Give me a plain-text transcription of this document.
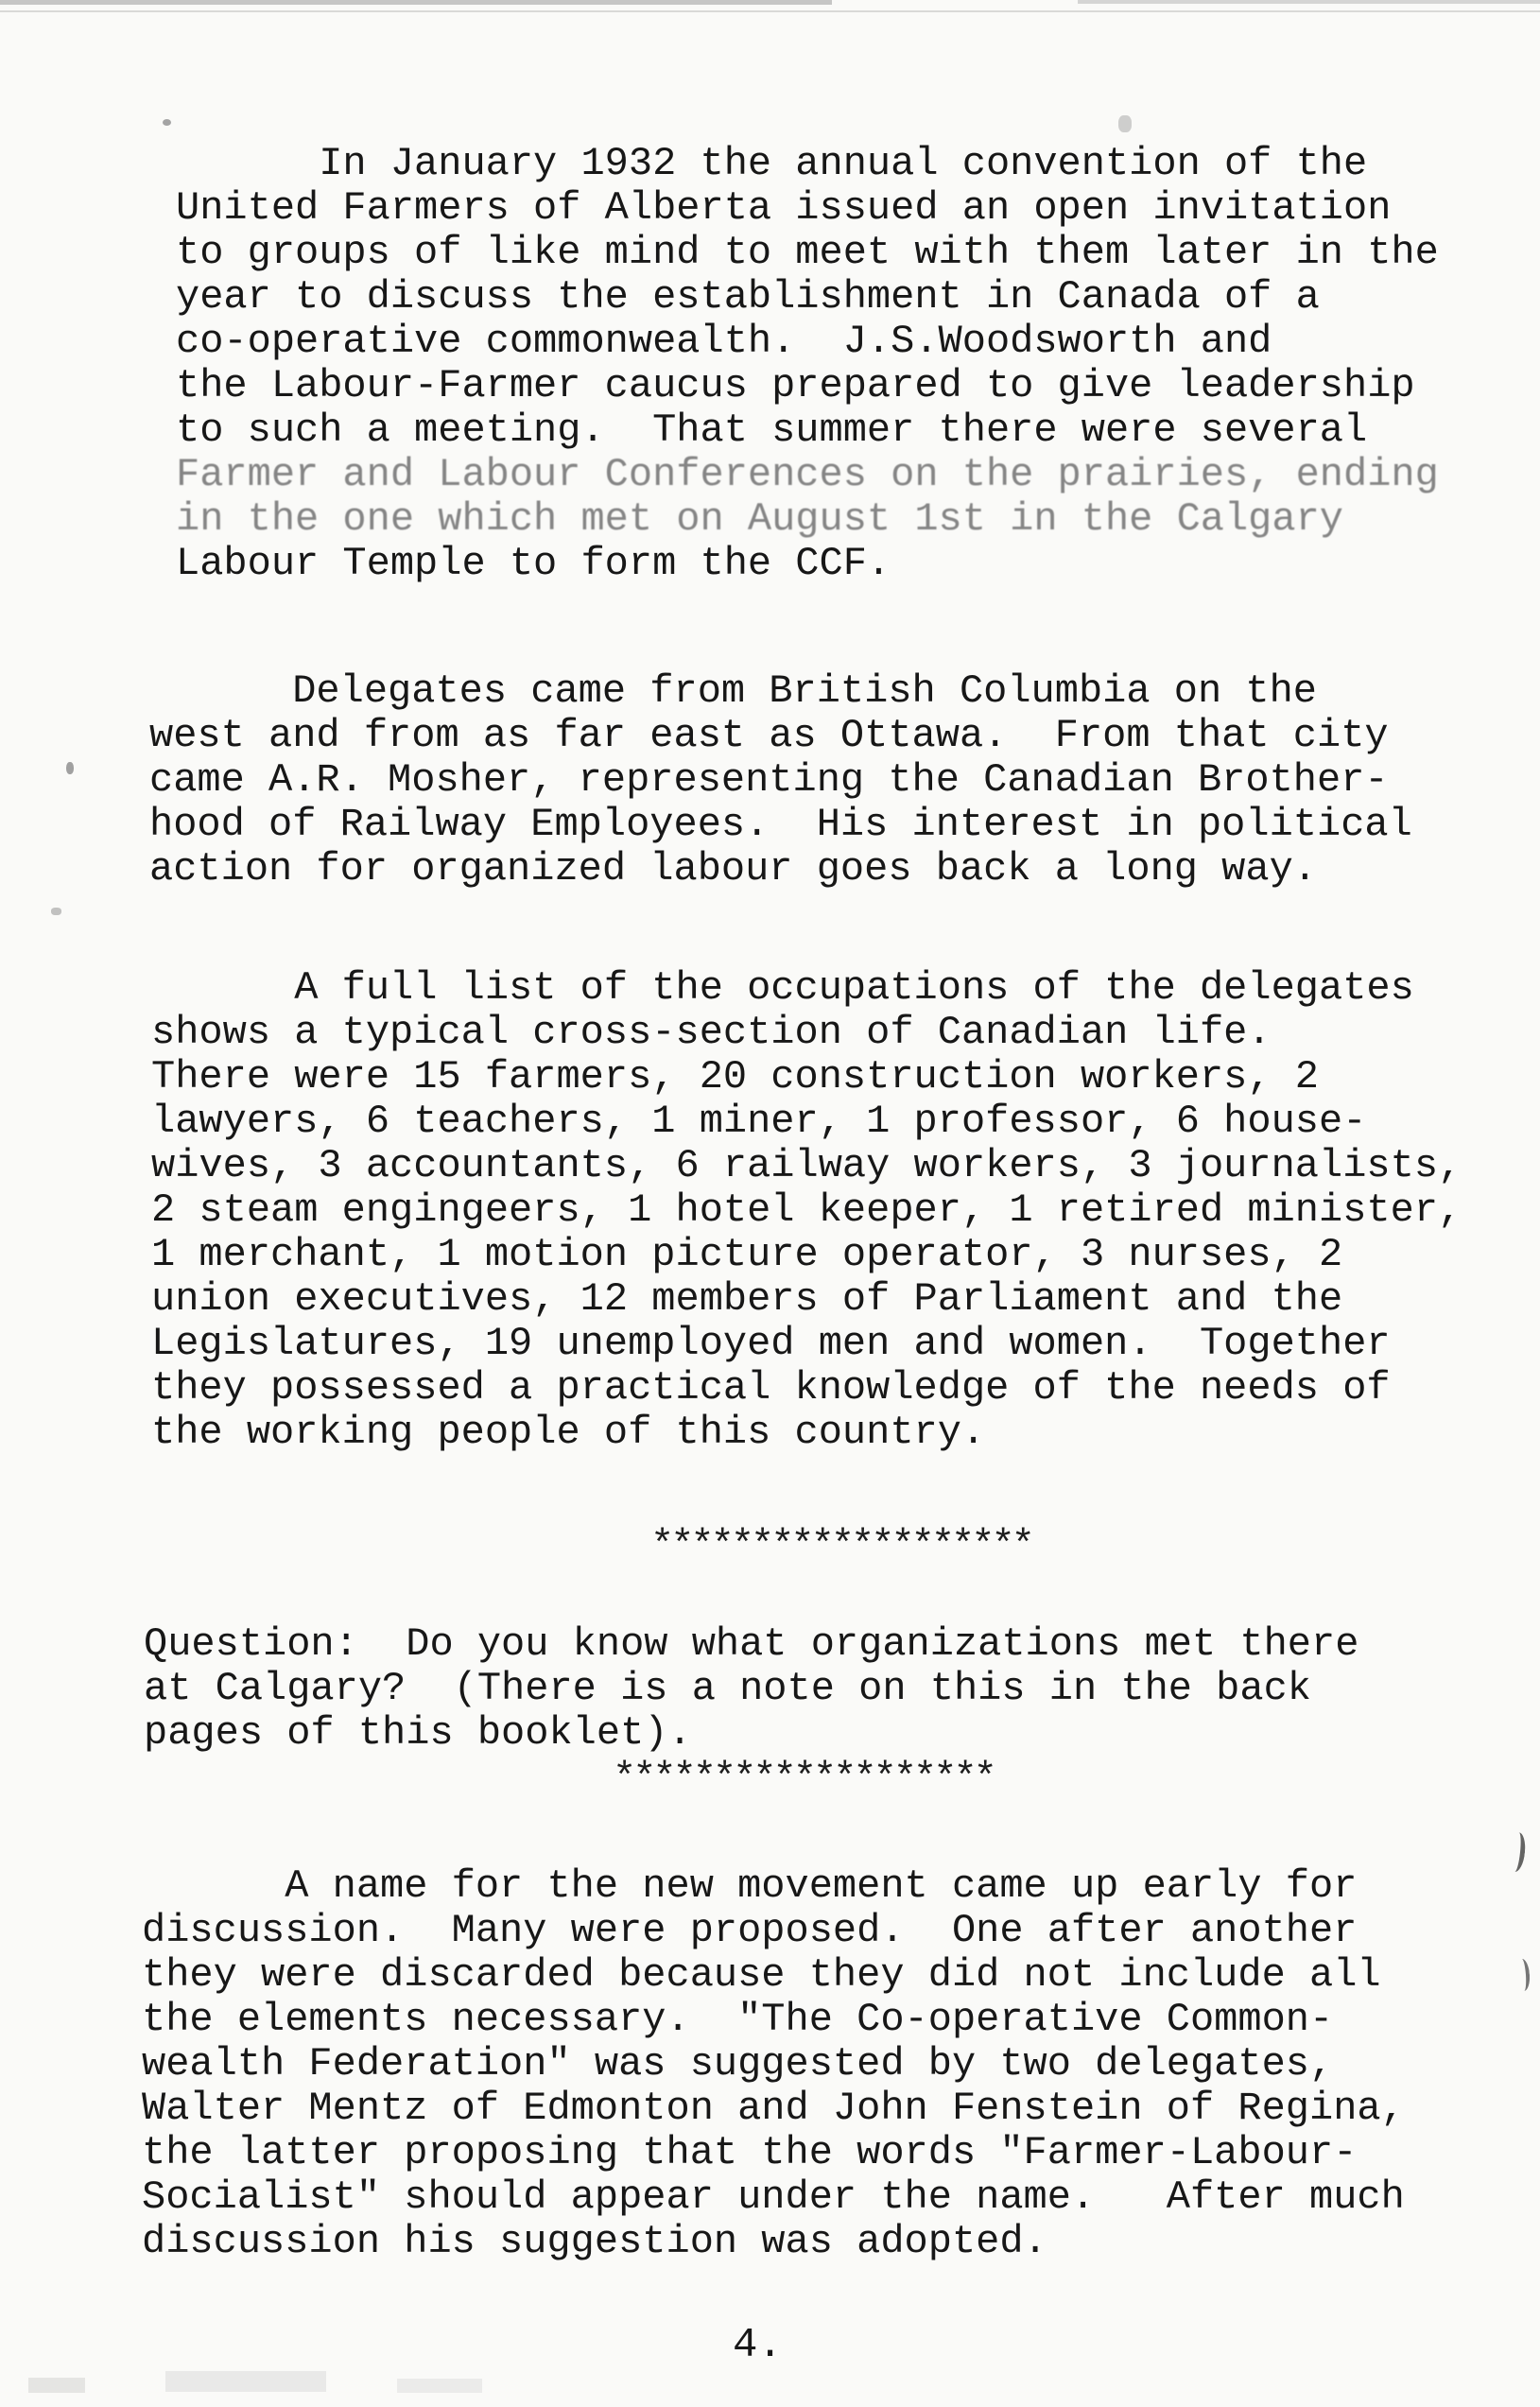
In January 1932 the annual convention of the
United Farmers of Alberta issued an open invitation
to groups of like mind to meet with them later in the
year to discuss the establishment in Canada of a
co-operative commonwealth.  J.S.Woodsworth and
the Labour-Farmer caucus prepared to give leadership
to such a meeting.  That summer there were several
Farmer and Labour Conferences on the prairies, ending
in the one which met on August 1st in the Calgary
Labour Temple to form the CCF.
Delegates came from British Columbia on the
west and from as far east as Ottawa.  From that city
came A.R. Mosher, representing the Canadian Brother-
hood of Railway Employees.  His interest in political
action for organized labour goes back a long way.
A full list of the occupations of the delegates
shows a typical cross-section of Canadian life.
There were 15 farmers, 20 construction workers, 2
lawyers, 6 teachers, 1 miner, 1 professor, 6 house-
wives, 3 accountants, 6 railway workers, 3 journalists,
2 steam engingeers, 1 hotel keeper, 1 retired minister,
1 merchant, 1 motion picture operator, 3 nurses, 2
union executives, 12 members of Parliament and the
Legislatures, 19 unemployed men and women.  Together
they possessed a practical knowledge of the needs of
the working people of this country.
*******************
Question:  Do you know what organizations met there
at Calgary?  (There is a note on this in the back
pages of this booklet).
*******************
A name for the new movement came up early for
discussion.  Many were proposed.  One after another
they were discarded because they did not include all
the elements necessary.  "The Co-operative Common-
wealth Federation" was suggested by two delegates,
Walter Mentz of Edmonton and John Fenstein of Regina,
the latter proposing that the words "Farmer-Labour-
Socialist" should appear under the name.   After much
discussion his suggestion was adopted.
4.
